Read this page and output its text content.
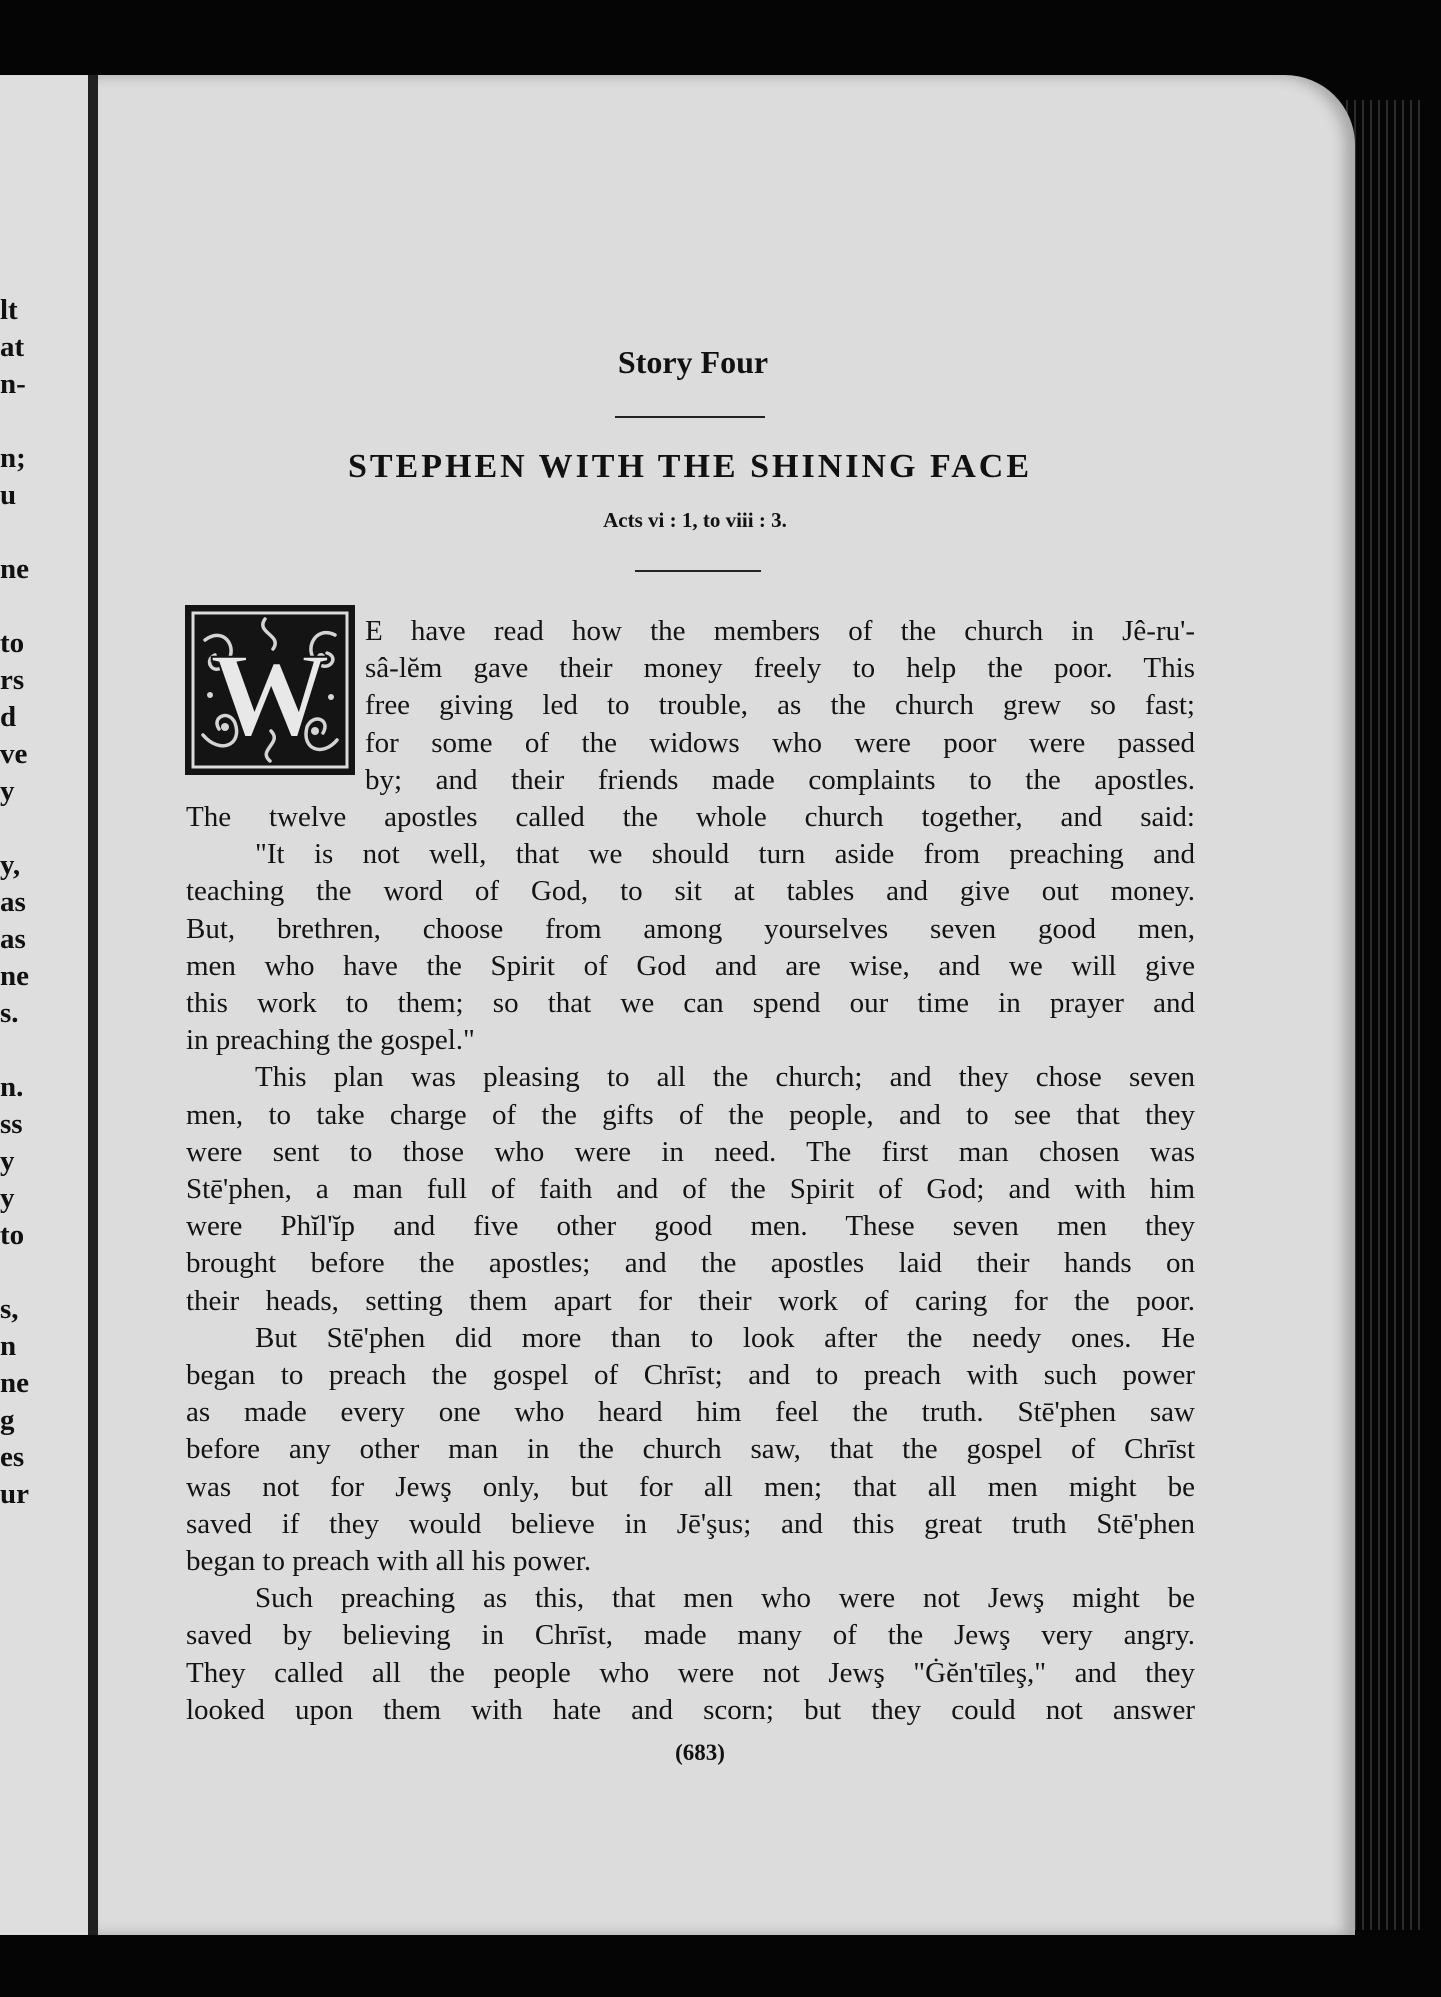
lt
at
n-
n;
u
ne
to
rs
d
ve
y
y,
as
as
ne
s.
n.
ss
y
y
to
s,
n
ne
g
es
ur
Story Four
STEPHEN WITH THE SHINING FACE
Acts vi : 1, to viii : 3.
W E have read how the members of the church in Jê-ru'-
sâ-lĕm gave their money freely to help the poor. This
free giving led to trouble, as the church grew so fast;
for some of the widows who were poor were passed
by; and their friends made complaints to the apostles.
The twelve apostles called the whole church together, and said:
"It is not well, that we should turn aside from preaching and
teaching the word of God, to sit at tables and give out money.
But, brethren, choose from among yourselves seven good men,
men who have the Spirit of God and are wise, and we will give
this work to them; so that we can spend our time in prayer and
in preaching the gospel."
This plan was pleasing to all the church; and they chose seven
men, to take charge of the gifts of the people, and to see that they
were sent to those who were in need. The first man chosen was
Stē'phen, a man full of faith and of the Spirit of God; and with him
were Phĭl'ĭp and five other good men. These seven men they
brought before the apostles; and the apostles laid their hands on
their heads, setting them apart for their work of caring for the poor.
But Stē'phen did more than to look after the needy ones. He
began to preach the gospel of Chrīst; and to preach with such power
as made every one who heard him feel the truth. Stē'phen saw
before any other man in the church saw, that the gospel of Chrīst
was not for Jewş only, but for all men; that all men might be
saved if they would believe in Jē'şus; and this great truth Stē'phen
began to preach with all his power.
Such preaching as this, that men who were not Jewş might be
saved by believing in Chrīst, made many of the Jewş very angry.
They called all the people who were not Jewş "Ġĕn'tīleş," and they
looked upon them with hate and scorn; but they could not answer
(683)
